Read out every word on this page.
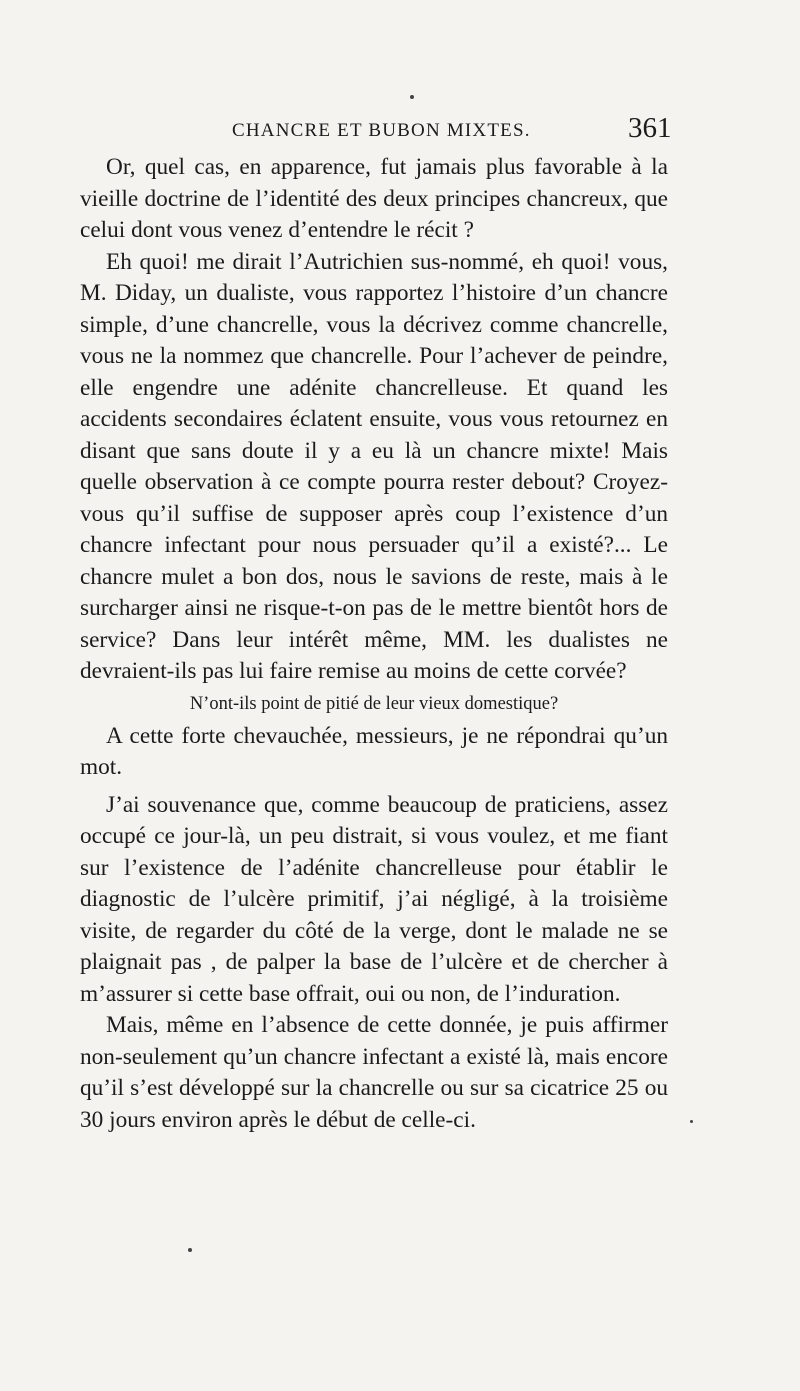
CHANCRE ET BUBON MIXTES.	361

Or, quel cas, en apparence, fut jamais plus favorable à la vieille doctrine de l’identité des deux principes chancreux, que celui dont vous venez d’entendre le récit ?

Eh quoi! me dirait l’Autrichien sus-nommé, eh quoi! vous, M. Diday, un dualiste, vous rapportez l’histoire d’un chancre simple, d’une chancrelle, vous la décrivez comme chancrelle, vous ne la nommez que chancrelle. Pour l’achever de peindre, elle engendre une adénite chancrelleuse. Et quand les accidents secondaires éclatent ensuite, vous vous retournez en disant que sans doute il y a eu là un chancre mixte! Mais quelle observation à ce compte pourra rester debout? Croyez-vous qu’il suffise de supposer après coup l’existence d’un chancre infectant pour nous persuader qu’il a existé?... Le chancre mulet a bon dos, nous le savions de reste, mais à le surcharger ainsi ne risque-t-on pas de le mettre bientôt hors de service? Dans leur intérêt même, MM. les dualistes ne devraient-ils pas lui faire remise au moins de cette corvée?

N’ont-ils point de pitié de leur vieux domestique?

A cette forte chevauchée, messieurs, je ne répondrai qu’un mot.

J’ai souvenance que, comme beaucoup de praticiens, assez occupé ce jour-là, un peu distrait, si vous voulez, et me fiant sur l’existence de l’adénite chancrelleuse pour établir le diagnostic de l’ulcère primitif, j’ai négligé, à la troisième visite, de regarder du côté de la verge, dont le malade ne se plaignait pas , de palper la base de l’ulcère et de chercher à m’assurer si cette base offrait, oui ou non, de l’induration.

Mais, même en l’absence de cette donnée, je puis affirmer non-seulement qu’un chancre infectant a existé là, mais encore qu’il s’est développé sur la chancrelle ou sur sa cicatrice 25 ou 30 jours environ après le début de celle-ci.
